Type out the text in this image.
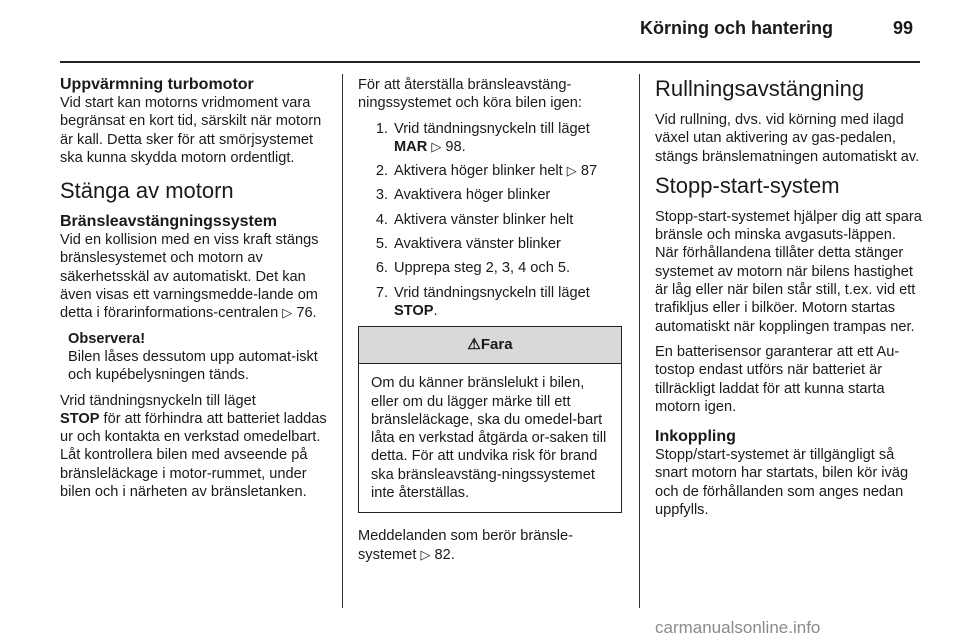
Körning och hantering	99
Uppvärmning turbomotor

Vid start kan motorns vridmoment vara begränsat en kort tid, särskilt när motorn är kall. Detta sker för att smörjsystemet ska kunna skydda motorn ordentligt.

Stänga av motorn
Bränsleavstängningssystem

Vid en kollision med en viss kraft stängs bränslesystemet och motorn av säkerhetsskäl av automatiskt. Det kan även visas ett varningsmedde-lande om detta i förarinformations-centralen ▷ 76.

Observera!

Bilen låses dessutom upp automat-iskt och kupébelysningen tänds.

Vrid tändningsnyckeln till läget
STOP för att förhindra att batteriet laddas ur och kontakta en verkstad omedelbart. Låt kontrollera bilen med avseende på bränsleläckage i motor-rummet, under bilen och i närheten av bränsletanken.

För att återställa bränsleavstäng-ningssystemet och köra bilen igen:

1. Vrid tändningsnyckeln till läget
MAR ▷ 98.
2. Aktivera höger blinker helt ▷ 87
3. Avaktivera höger blinker
4. Aktivera vänster blinker helt
5. Avaktivera vänster blinker
6. Upprepa steg 2, 3, 4 och 5.
7. Vrid tändningsnyckeln till läget
STOP.
⚠Fara
Om du känner bränslelukt i bilen, eller om du lägger märke till ett bränsleläckage, ska du omedel-bart låta en verkstad åtgärda or-saken till detta. För att undvika risk för brand ska bränsleavstäng-ningssystemet inte återställas.

Meddelanden som berör bränsle-systemet ▷ 82.

Rullningsavstängning

Vid rullning, dvs. vid körning med ilagd växel utan aktivering av gas-pedalen, stängs bränslematningen automatiskt av.

Stopp-start-system

Stopp-start-systemet hjälper dig att spara bränsle och minska avgasuts-läppen. När förhållandena tillåter detta stänger systemet av motorn när bilens hastighet är låg eller när bilen står still, t.ex. vid ett trafikljus eller i bilköer. Motorn startas automatiskt när kopplingen trampas ner.

En batterisensor garanterar att ett Au-tostop endast utförs när batteriet är tillräckligt laddat för att kunna starta motorn igen.

Inkoppling

Stopp/start-systemet är tillgängligt så snart motorn har startats, bilen kör iväg och de förhållanden som anges nedan uppfylls.

carmanualsonline.info
